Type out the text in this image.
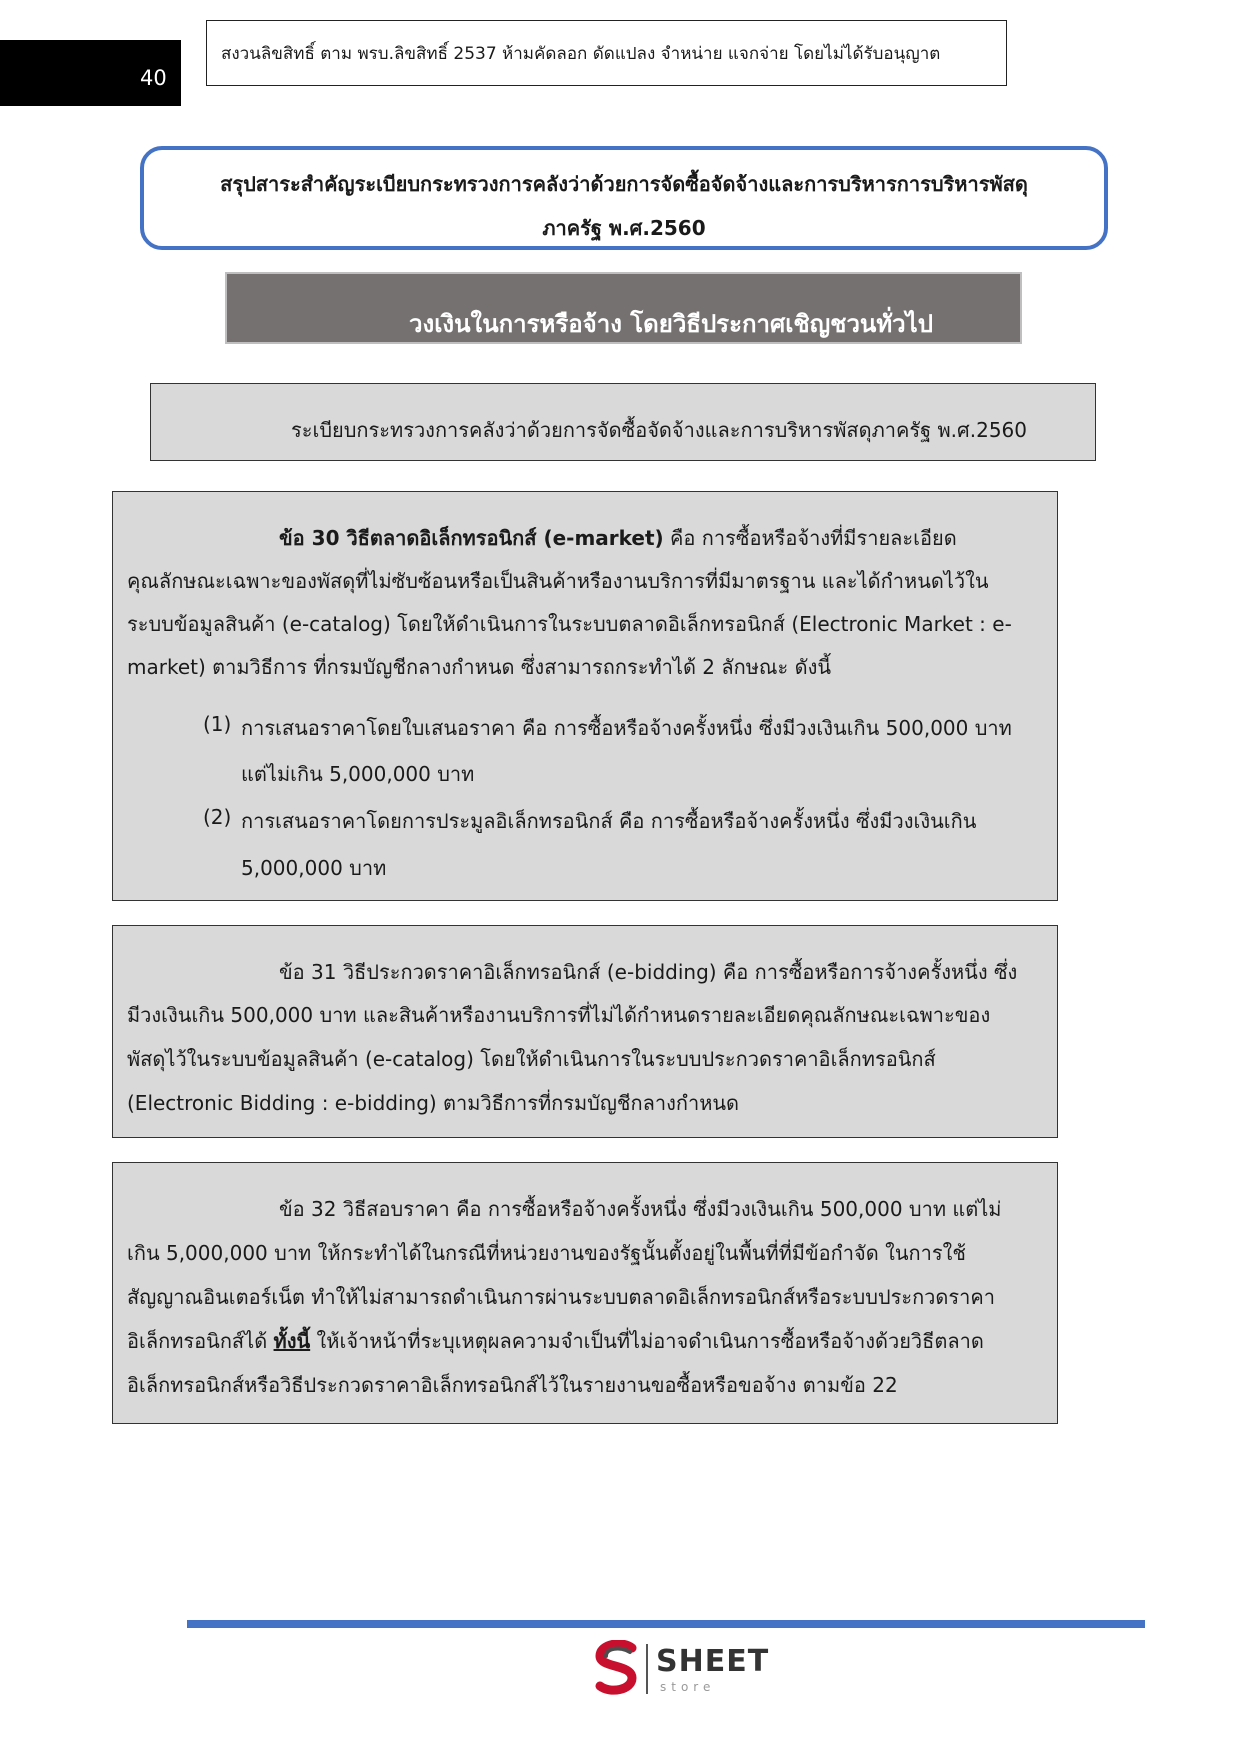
40
สงวนลิขสิทธิ์ ตาม พรบ.ลิขสิทธิ์ 2537 ห้ามคัดลอก ดัดแปลง จำหน่าย แจกจ่าย โดยไม่ได้รับอนุญาต
สรุปสาระสำคัญระเบียบกระทรวงการคลังว่าด้วยการจัดซื้อจัดจ้างและการบริหารการบริหารพัสดุ
ภาครัฐ พ.ศ.2560
วงเงินในการหรือจ้าง โดยวิธีประกาศเชิญชวนทั่วไป
ระเบียบกระทรวงการคลังว่าด้วยการจัดซื้อจัดจ้างและการบริหารพัสดุภาครัฐ พ.ศ.2560
ข้อ 30 วิธีตลาดอิเล็กทรอนิกส์ (e-market) คือ การซื้อหรือจ้างที่มีรายละเอียด
คุณลักษณะเฉพาะของพัสดุที่ไม่ซับซ้อนหรือเป็นสินค้าหรืองานบริการที่มีมาตรฐาน และได้กำหนดไว้ใน
ระบบข้อมูลสินค้า (e-catalog) โดยให้ดำเนินการในระบบตลาดอิเล็กทรอนิกส์ (Electronic Market : e-
market) ตามวิธีการ ที่กรมบัญชีกลางกำหนด ซึ่งสามารถกระทำได้ 2 ลักษณะ ดังนี้
(1) การเสนอราคาโดยใบเสนอราคา คือ การซื้อหรือจ้างครั้งหนึ่ง ซึ่งมีวงเงินเกิน 500,000 บาท
แต่ไม่เกิน 5,000,000 บาท
(2) การเสนอราคาโดยการประมูลอิเล็กทรอนิกส์ คือ การซื้อหรือจ้างครั้งหนึ่ง ซึ่งมีวงเงินเกิน
5,000,000 บาท
ข้อ 31 วิธีประกวดราคาอิเล็กทรอนิกส์ (e-bidding) คือ การซื้อหรือการจ้างครั้งหนึ่ง ซึ่ง
มีวงเงินเกิน 500,000 บาท และสินค้าหรืองานบริการที่ไม่ได้กำหนดรายละเอียดคุณลักษณะเฉพาะของ
พัสดุไว้ในระบบข้อมูลสินค้า (e-catalog) โดยให้ดำเนินการในระบบประกวดราคาอิเล็กทรอนิกส์
(Electronic Bidding : e-bidding) ตามวิธีการที่กรมบัญชีกลางกำหนด
ข้อ 32 วิธีสอบราคา คือ การซื้อหรือจ้างครั้งหนึ่ง ซึ่งมีวงเงินเกิน 500,000 บาท แต่ไม่
เกิน 5,000,000 บาท ให้กระทำได้ในกรณีที่หน่วยงานของรัฐนั้นตั้งอยู่ในพื้นที่ที่มีข้อกำจัด ในการใช้
สัญญาณอินเตอร์เน็ต ทำให้ไม่สามารถดำเนินการผ่านระบบตลาดอิเล็กทรอนิกส์หรือระบบประกวดราคา
อิเล็กทรอนิกส์ได้ ทั้งนี้ ให้เจ้าหน้าที่ระบุเหตุผลความจำเป็นที่ไม่อาจดำเนินการซื้อหรือจ้างด้วยวิธีตลาด
อิเล็กทรอนิกส์หรือวิธีประกวดราคาอิเล็กทรอนิกส์ไว้ในรายงานขอซื้อหรือขอจ้าง ตามข้อ 22
SHEET
store
